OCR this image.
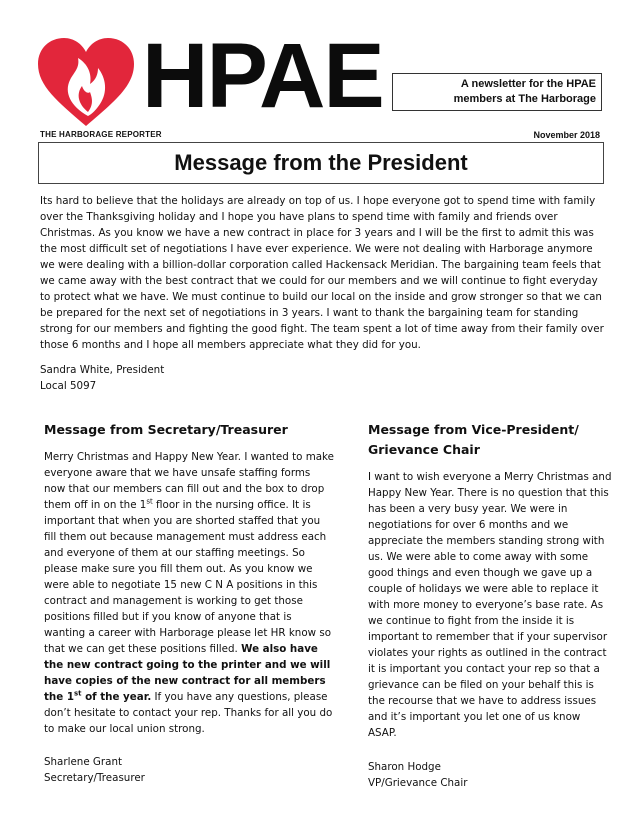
HPAE	A newsletter for the HPAE
members at The Harborage
THE HARBORAGE REPORTER	November 2018
Message from the President
Its hard to believe that the holidays are already on top of us. I hope everyone got to spend time with family over the Thanksgiving holiday and I hope you have plans to spend time with family and friends over Christmas. As you know we have a new contract in place for 3 years and I will be the first to admit this was the most difficult set of negotiations I have ever experience. We were not dealing with Harborage anymore we were dealing with a billion-dollar corporation called Hackensack Meridian. The bargaining team feels that we came away with the best contract that we could for our members and we will continue to fight everyday to protect what we have. We must continue to build our local on the inside and grow stronger so that we can be prepared for the next set of negotiations in 3 years. I want to thank the bargaining team for standing strong for our members and fighting the good fight. The team spent a lot of time away from their family over those 6 months and I hope all members appreciate what they did for you.
Sandra White, President
Local 5097
Message from Secretary/Treasurer

Merry Christmas and Happy New Year. I wanted to make everyone aware that we have unsafe staffing forms now that our members can fill out and the box to drop them off in on the 1st floor in the nursing office. It is important that when you are shorted staffed that you fill them out because management must address each and everyone of them at our staffing meetings. So please make sure you fill them out. As you know we were able to negotiate 15 new C N A positions in this contract and management is working to get those positions filled but if you know of anyone that is wanting a career with Harborage please let HR know so that we can get these positions filled. We also have the new contract going to the printer and we will have copies of the new contract for all members the 1st of the year. If you have any questions, please don’t hesitate to contact your rep. Thanks for all you do to make our local union strong.

Sharlene Grant
Secretary/Treasurer
Message from Vice-President/ Grievance Chair

I want to wish everyone a Merry Christmas and Happy New Year. There is no question that this has been a very busy year. We were in negotiations for over 6 months and we appreciate the members standing strong with us. We were able to come away with some good things and even though we gave up a couple of holidays we were able to replace it with more money to everyone’s base rate. As we continue to fight from the inside it is important to remember that if your supervisor violates your rights as outlined in the contract it is important you contact your rep so that a grievance can be filed on your behalf this is the recourse that we have to address issues and it’s important you let one of us know ASAP.

Sharon Hodge
VP/Grievance Chair
